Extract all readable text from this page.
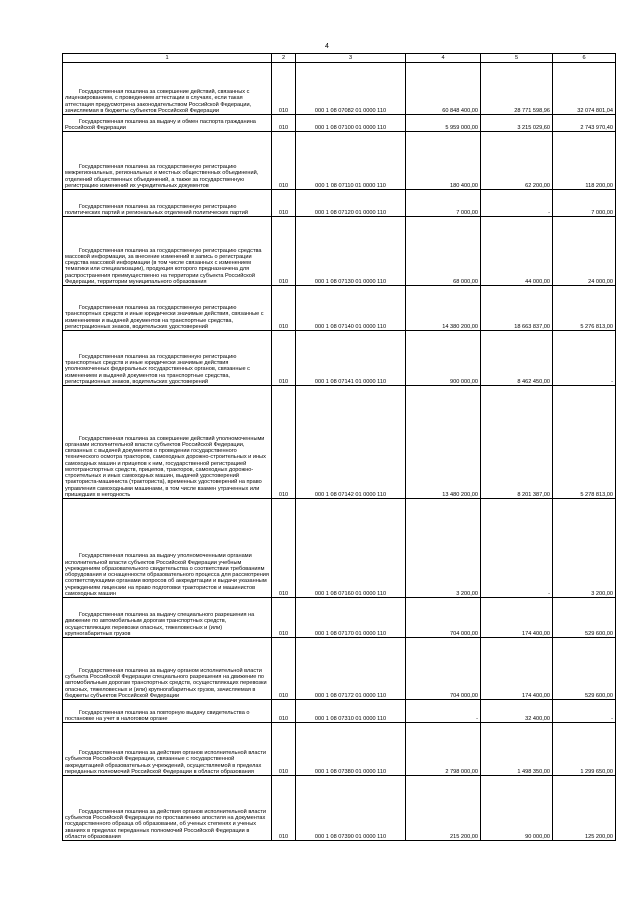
4
1	2	3	4	5	6
Государственная пошлина за совершение действий, связанных с лицензированием, с проведением аттестации в случаях, если такая аттестация предусмотрена законодательством Российской Федерации, зачисляемая в бюджеты субъектов Российской Федерации	010	000 1 08 07082 01 0000 110	60 848 400,00	28 771 598,96	32 074 801,04
Государственная пошлина за выдачу и обмен паспорта гражданина Российской Федерации	010	000 1 08 07100 01 0000 110	5 959 000,00	3 215 029,60	2 743 970,40
Государственная пошлина за государственную регистрацию межрегиональных, региональных и местных общественных объединений, отделений общественных объединений, а также за государственную регистрацию изменений их учредительных документов	010	000 1 08 07110 01 0000 110	180 400,00	62 200,00	118 200,00
Государственная пошлина за государственную регистрацию политических партий и региональных отделений политических партий	010	000 1 08 07120 01 0000 110	7 000,00	-	7 000,00
Государственная пошлина за государственную регистрацию средства массовой информации, за внесение изменений в запись о регистрации средства массовой информации (в том числе связанных с изменением тематики или специализации), продукция которого предназначена для распространения преимущественно на территории субъекта Российской Федерации, территории муниципального образования	010	000 1 08 07130 01 0000 110	68 000,00	44 000,00	24 000,00
Государственная пошлина за государственную регистрацию транспортных средств и иные юридически значимые действия, связанные с изменениями и выдачей документов на транспортные средства, регистрационных знаков, водительских удостоверений	010	000 1 08 07140 01 0000 110	14 380 200,00	18 663 837,00	5 276 813,00
Государственная пошлина за государственную регистрацию транспортных средств и иные юридически значимые действия уполномоченных федеральных государственных органов, связанные с изменением и выдачей документов на транспортные средства, регистрационных знаков, водительских удостоверений	010	000 1 08 07141 01 0000 110	900 000,00	8 462 450,00	-
Государственная пошлина за совершение действий уполномоченными органами исполнительной власти субъектов Российской Федерации, связанных с выдачей документов о проведении государственного технического осмотра тракторов, самоходных дорожно-строительных и иных самоходных машин и прицепов к ним, государственной регистрацией мототранспортных средств, прицепов, тракторов, самоходных дорожно-строительных и иных самоходных машин, выдачей удостоверений тракториста-машиниста (тракториста), временных удостоверений на право управления самоходными машинами, в том числе взамен утраченных или пришедших в негодность	010	000 1 08 07142 01 0000 110	13 480 200,00	8 201 387,00	5 278 813,00
Государственная пошлина за выдачу уполномоченными органами исполнительной власти субъектов Российской Федерации учебным учреждениям образовательного свидетельства о соответствии требованиям оборудования и оснащенности образовательного процесса для рассмотрения соответствующими органами вопросов об аккредитации и выдачи указанным учреждениям лицензии на право подготовки трактористов и машинистов самоходных машин	010	000 1 08 07160 01 0000 110	3 200,00	-	3 200,00
Государственная пошлина за выдачу специального разрешения на движение по автомобильным дорогам транспортных средств, осуществляющих перевозки опасных, тяжеловесных и (или) крупногабаритных грузов	010	000 1 08 07170 01 0000 110	704 000,00	174 400,00	529 600,00
Государственная пошлина за выдачу органом исполнительной власти субъекта Российской Федерации специального разрешения на движение по автомобильным дорогам транспортных средств, осуществляющих перевозки опасных, тяжеловесных и (или) крупногабаритных грузов, зачисляемая в бюджеты субъектов Российской Федерации	010	000 1 08 07172 01 0000 110	704 000,00	174 400,00	529 600,00
Государственная пошлина за повторную выдачу свидетельства о постановке на учет в налоговом органе	010	000 1 08 07310 01 0000 110	-	32 400,00	-
Государственная пошлина за действия органов исполнительной власти субъектов Российской Федерации, связанные с государственной аккредитацией образовательных учреждений, осуществляемой в пределах переданных полномочий Российской Федерации в области образования	010	000 1 08 07380 01 0000 110	2 798 000,00	1 498 350,00	1 299 650,00
Государственная пошлина за действия органов исполнительной власти субъектов Российской Федерации по проставлению апостиля на документах государственного образца об образовании, об ученых степенях и ученых званиях в пределах переданных полномочий Российской Федерации в области образования	010	000 1 08 07390 01 0000 110	215 200,00	90 000,00	125 200,00
